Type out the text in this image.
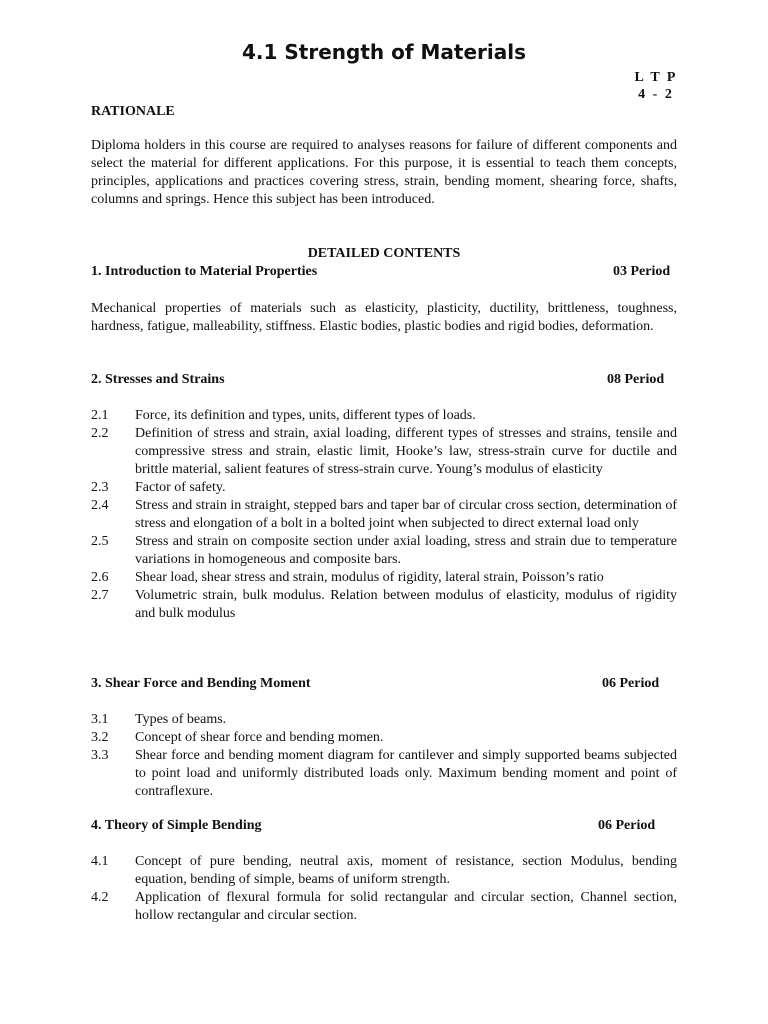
4.1 Strength of Materials
L T P
4 - 2
RATIONALE
Diploma holders in this course are required to analyses reasons for failure of different components and select the material for different applications. For this purpose, it is essential to teach them concepts, principles, applications and practices covering stress, strain, bending moment, shearing force, shafts, columns and springs. Hence this subject has been introduced.
DETAILED CONTENTS
1. Introduction to Material Properties	03 Period
Mechanical properties of materials such as elasticity, plasticity, ductility, brittleness, toughness, hardness, fatigue, malleability, stiffness. Elastic bodies, plastic bodies and rigid bodies, deformation.
2. Stresses and Strains	08 Period
2.1	Force, its definition and types, units, different types of loads.
2.2	Definition of stress and strain, axial loading, different types of stresses and strains, tensile and compressive stress and strain, elastic limit, Hooke’s law, stress-strain curve for ductile and brittle material, salient features of stress-strain curve. Young’s modulus of elasticity
2.3	Factor of safety.
2.4	Stress and strain in straight, stepped bars and taper bar of circular cross section, determination of stress and elongation of a bolt in a bolted joint when subjected to direct external load only
2.5	Stress and strain on composite section under axial loading, stress and strain due to temperature variations in homogeneous and composite bars.
2.6	Shear load, shear stress and strain, modulus of rigidity, lateral strain, Poisson’s ratio
2.7	Volumetric strain, bulk modulus. Relation between modulus of elasticity, modulus of rigidity and bulk modulus
3. Shear Force and Bending Moment	06 Period
3.1	Types of beams.
3.2	Concept of shear force and bending momen.
3.3	Shear force and bending moment diagram for cantilever and simply supported beams subjected to point load and uniformly distributed loads only. Maximum bending moment and point of contraflexure.
4. Theory of Simple Bending	06 Period
4.1	Concept of pure bending, neutral axis, moment of resistance, section Modulus, bending equation, bending of simple, beams of uniform strength.
4.2	Application of flexural formula for solid rectangular and circular section, Channel section, hollow rectangular and circular section.
